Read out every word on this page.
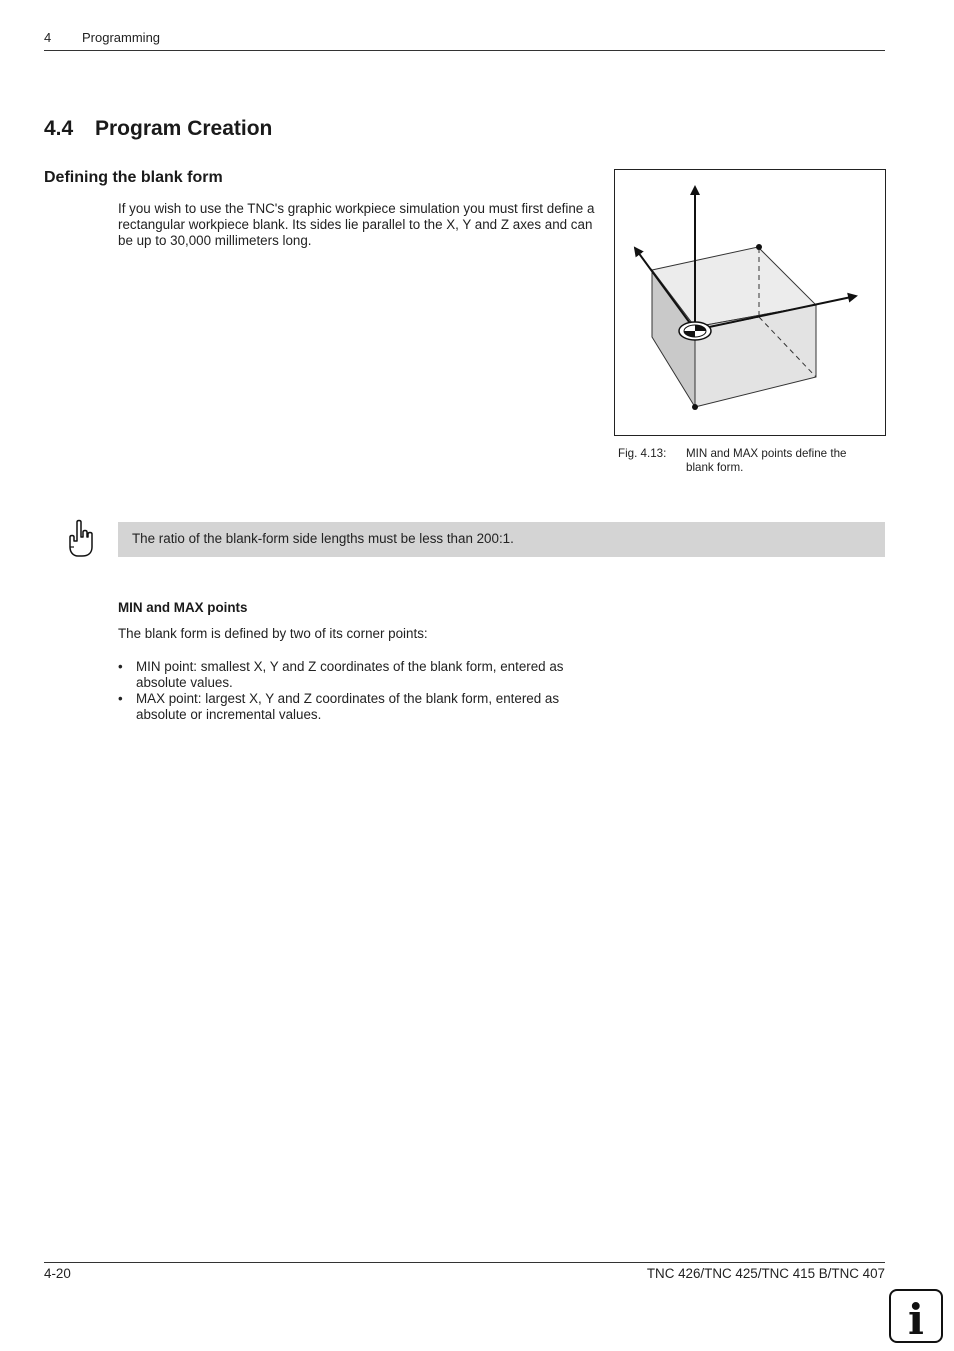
4 Programming
4.4 Program Creation
Defining the blank form

If you wish to use the TNC's graphic workpiece simulation you must first define a rectangular workpiece blank. Its sides lie parallel to the X, Y and Z axes and can be up to 30,000 millimeters long.

Fig. 4.13: MIN and MAX points define the blank form.
The ratio of the blank-form side lengths must be less than 200:1.
MIN and MAX points

The blank form is defined by two of its corner points:

• MIN point: smallest X, Y and Z coordinates of the blank form, entered as absolute values.
• MAX point: largest X, Y and Z coordinates of the blank form, entered as absolute or incremental values.
4-20	TNC 426/TNC 425/TNC 415 B/TNC 407
i
